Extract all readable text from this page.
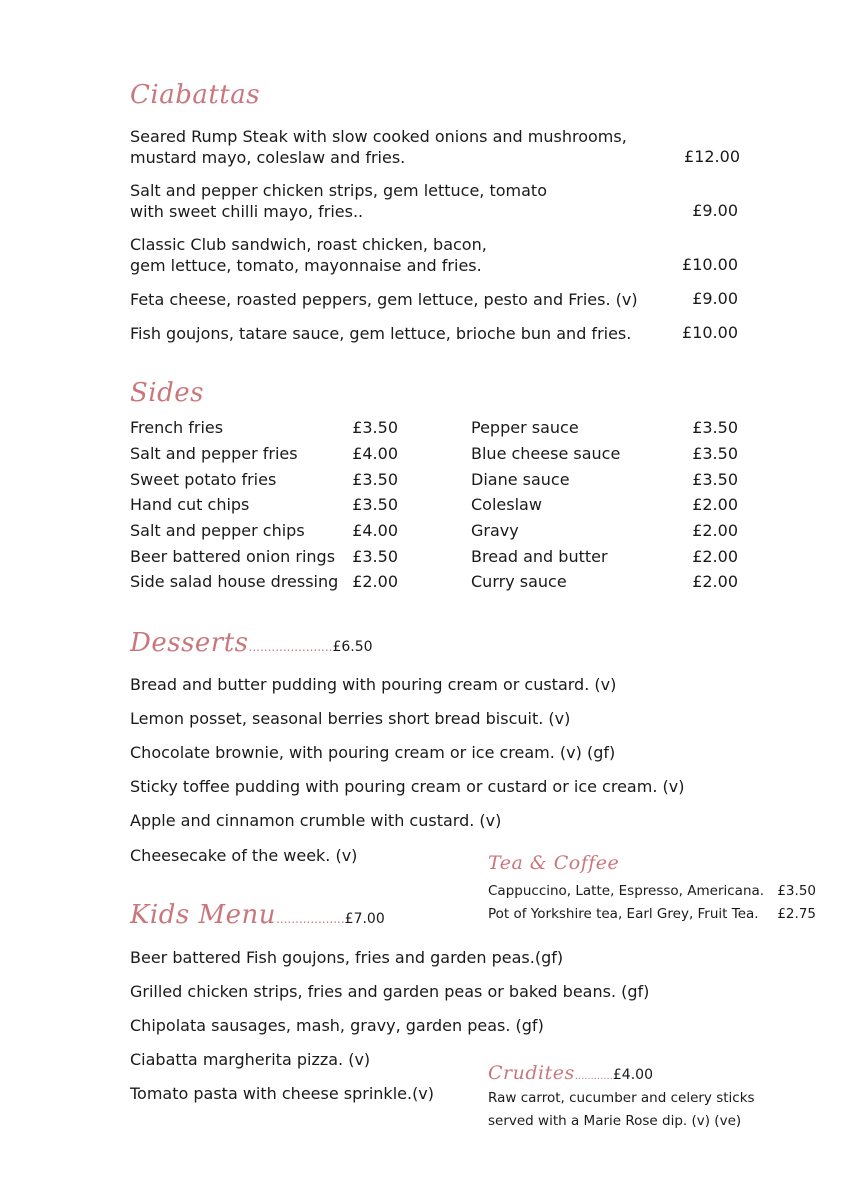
Ciabattas
Seared Rump Steak with slow cooked onions and mushrooms,
mustard mayo, coleslaw and fries.	£12.00
Salt and pepper chicken strips, gem lettuce, tomato
with sweet chilli mayo, fries..	£9.00
Classic Club sandwich, roast chicken, bacon,
gem lettuce, tomato, mayonnaise and fries.	£10.00
Feta cheese, roasted peppers, gem lettuce, pesto and Fries. (v)	£9.00
Fish goujons, tatare sauce, gem lettuce, brioche bun and fries.	£10.00
Sides
French fries	£3.50
Salt and pepper fries	£4.00
Sweet potato fries	£3.50
Hand cut chips	£3.50
Salt and pepper chips	£4.00
Beer battered onion rings £3.50
Side salad house dressing £2.00
Pepper sauce	£3.50
Blue cheese sauce	£3.50
Diane sauce	£3.50
Coleslaw	£2.00
Gravy	£2.00
Bread and butter	£2.00
Curry sauce	£2.00
Desserts......................£6.50
Bread and butter pudding with pouring cream or custard. (v)
Lemon posset, seasonal berries short bread biscuit. (v)
Chocolate brownie, with pouring cream or ice cream. (v) (gf)
Sticky toffee pudding with pouring cream or custard or ice cream. (v)
Apple and cinnamon crumble with custard. (v)
Cheesecake of the week. (v)	Tea & Coffee
Cappuccino, Latte, Espresso, Americana. £3.50
Pot of Yorkshire tea, Earl Grey, Fruit Tea. £2.75
Kids Menu..................£7.00
Beer battered Fish goujons, fries and garden peas.(gf)
Grilled chicken strips, fries and garden peas or baked beans. (gf)
Chipolata sausages, mash, gravy, garden peas. (gf)
Ciabatta margherita pizza. (v)
Tomato pasta with cheese sprinkle.(v)
Crudites............£4.00
Raw carrot, cucumber and celery sticks
served with a Marie Rose dip. (v) (ve)
